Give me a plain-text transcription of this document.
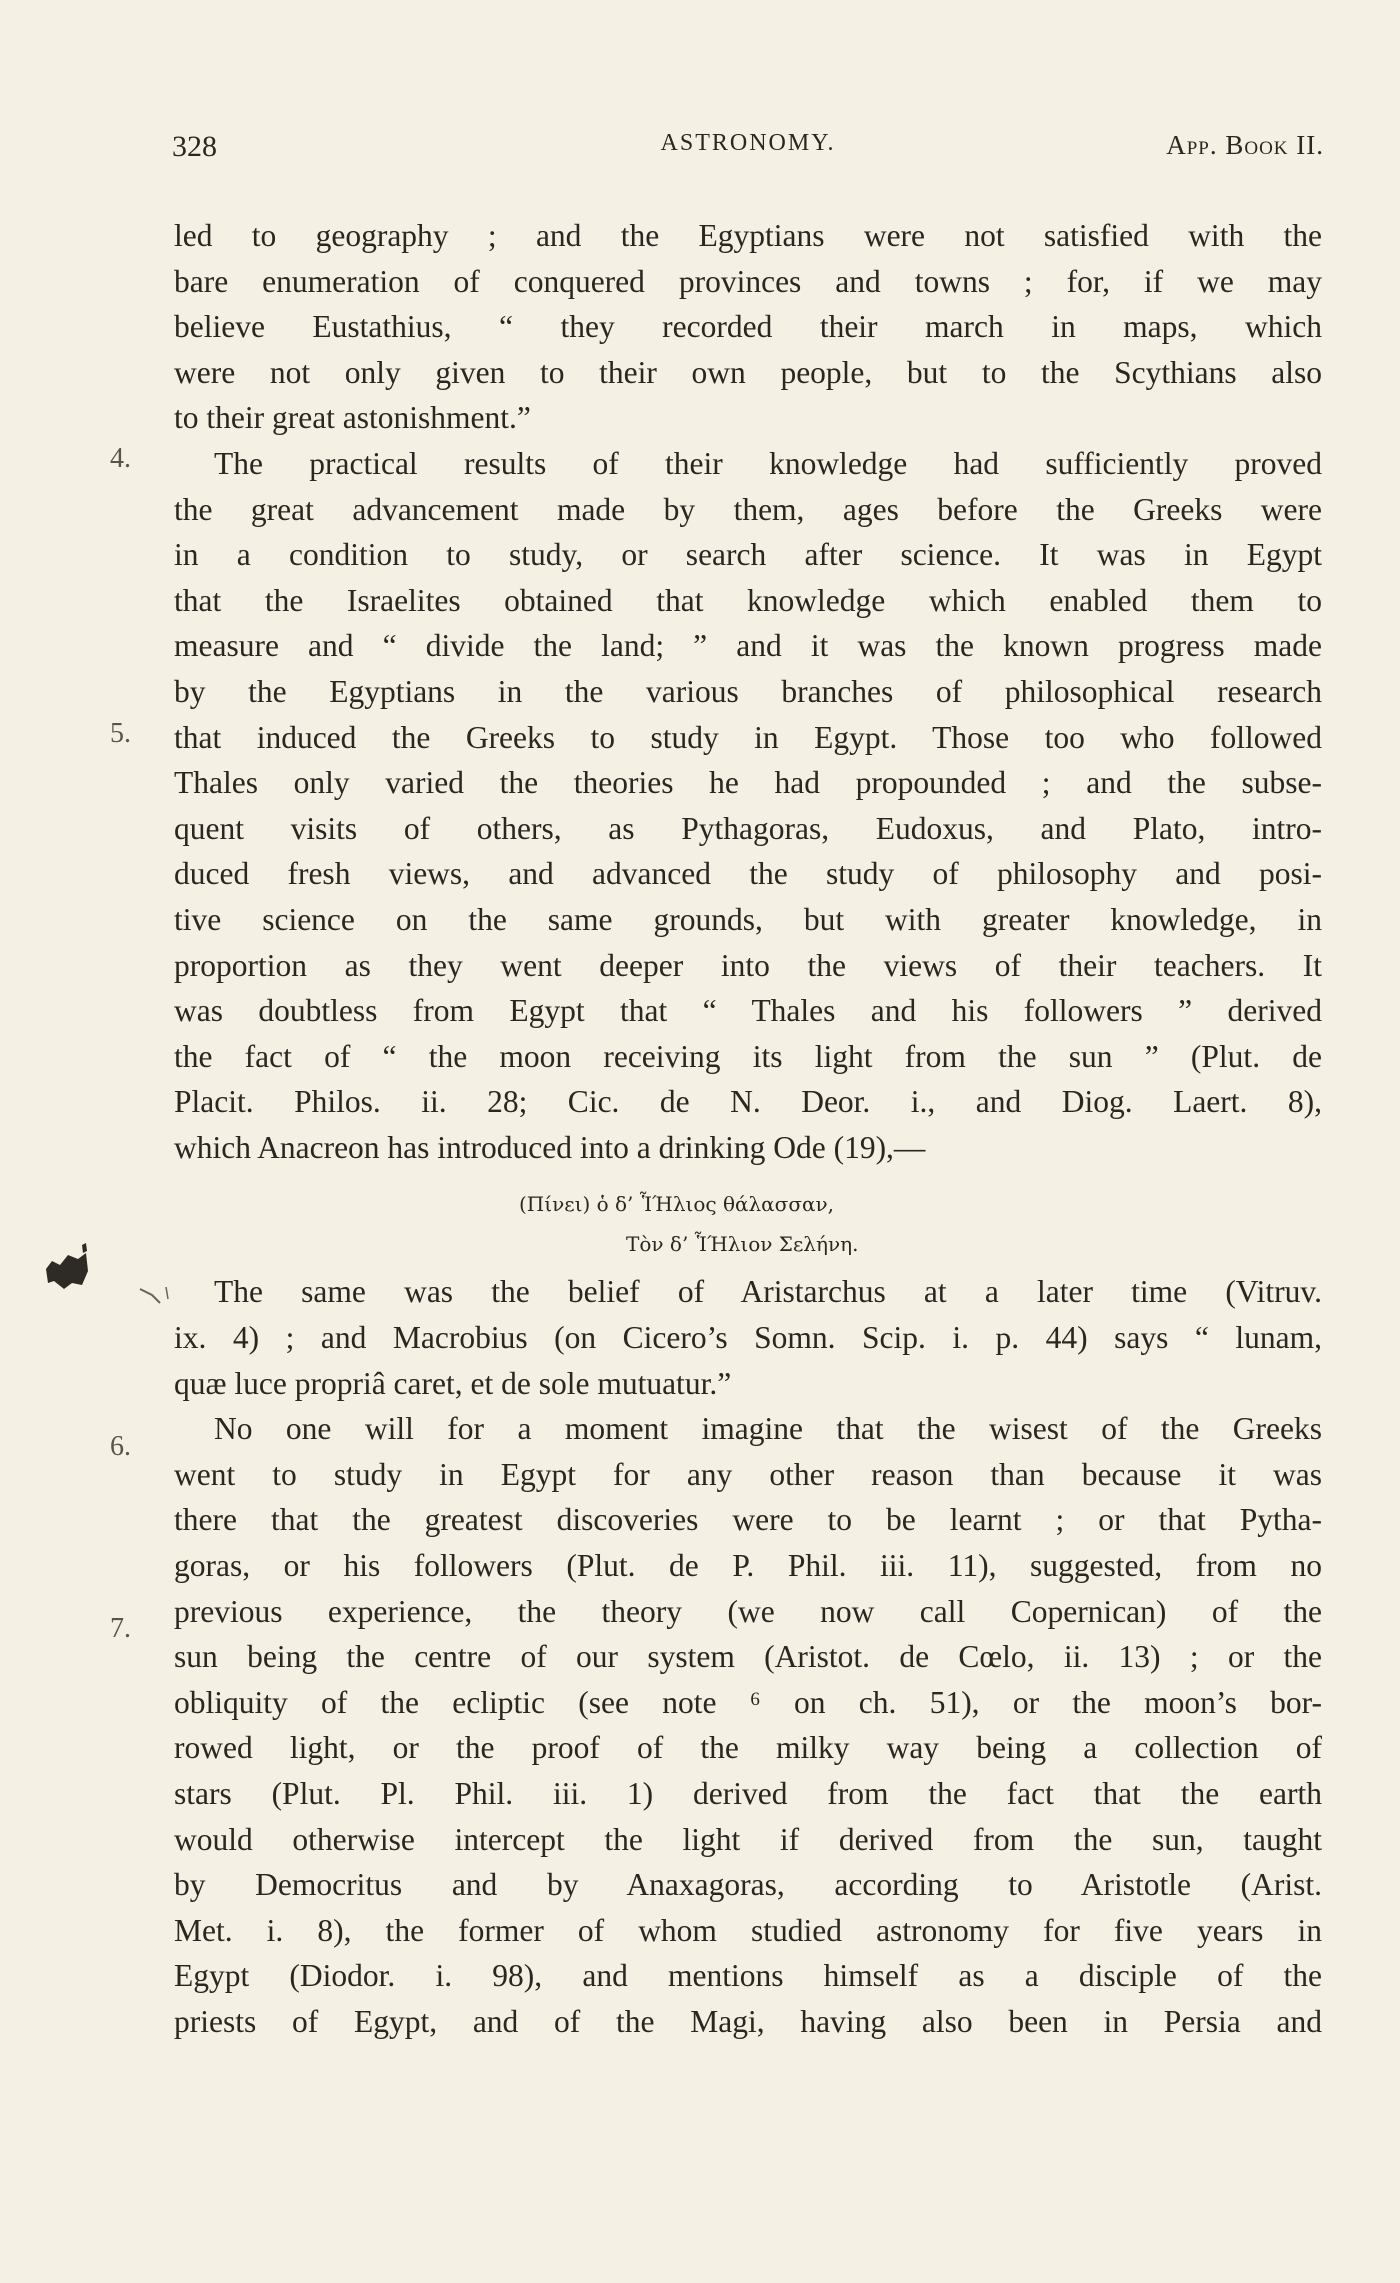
328	ASTRONOMY.	App. Book II.
4.
5.
6.
7.
led to geography ; and the Egyptians were not satisfied with the
bare enumeration of conquered provinces and towns ; for, if we may
believe Eustathius, “ they recorded their march in maps, which
were not only given to their own people, but to the Scythians also
to their great astonishment.”
The practical results of their knowledge had sufficiently proved
the great advancement made by them, ages before the Greeks were
in a condition to study, or search after science. It was in Egypt
that the Israelites obtained that knowledge which enabled them to
measure and “ divide the land; ” and it was the known progress made
by the Egyptians in the various branches of philosophical research
that induced the Greeks to study in Egypt. Those too who followed
Thales only varied the theories he had propounded ; and the subse-
quent visits of others, as Pythagoras, Eudoxus, and Plato, intro-
duced fresh views, and advanced the study of philosophy and posi-
tive science on the same grounds, but with greater knowledge, in
proportion as they went deeper into the views of their teachers. It
was doubtless from Egypt that “ Thales and his followers ” derived
the fact of “ the moon receiving its light from the sun ” (Plut. de
Placit. Philos. ii. 28; Cic. de N. Deor. i., and Diog. Laert. 8),
which Anacreon has introduced into a drinking Ode (19),—
(Πίνει) ὁ δ’ ἿΉλιος θάλασσαν,
Τὸν δ’ ἿΉλιον Σελήνη.
The same was the belief of Aristarchus at a later time (Vitruv.
ix. 4) ; and Macrobius (on Cicero’s Somn. Scip. i. p. 44) says “ lunam,
quæ luce propriâ caret, et de sole mutuatur.”
No one will for a moment imagine that the wisest of the Greeks
went to study in Egypt for any other reason than because it was
there that the greatest discoveries were to be learnt ; or that Pytha-
goras, or his followers (Plut. de P. Phil. iii. 11), suggested, from no
previous experience, the theory (we now call Copernican) of the
sun being the centre of our system (Aristot. de Cœlo, ii. 13) ; or the
obliquity of the ecliptic (see note ⁶ on ch. 51), or the moon’s bor-
rowed light, or the proof of the milky way being a collection of
stars (Plut. Pl. Phil. iii. 1) derived from the fact that the earth
would otherwise intercept the light if derived from the sun, taught
by Democritus and by Anaxagoras, according to Aristotle (Arist.
Met. i. 8), the former of whom studied astronomy for five years in
Egypt (Diodor. i. 98), and mentions himself as a disciple of the
priests of Egypt, and of the Magi, having also been in Persia and
